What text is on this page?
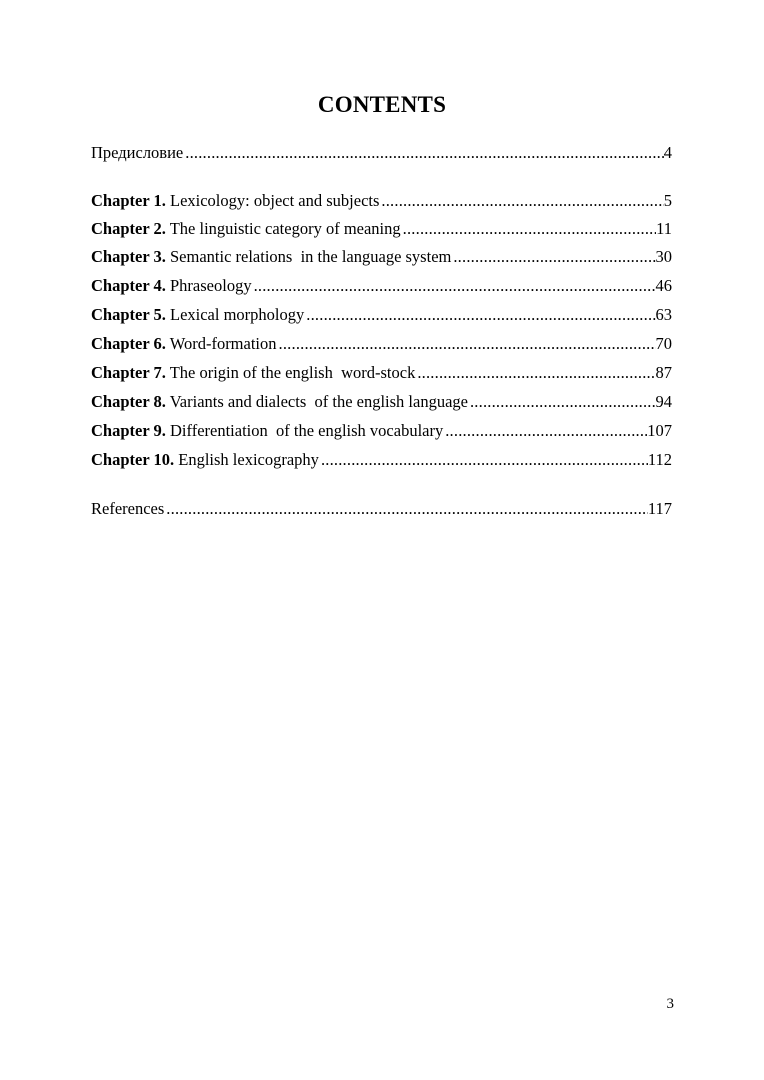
CONTENTS
Предисловие .....	4
Chapter 1. Lexicology: object and subjects .....	5
Chapter 2. The linguistic category of meaning .....	11
Chapter 3. Semantic relations  in the language system .....	30
Chapter 4. Phraseology .....	46
Chapter 5. Lexical morphology .....	63
Chapter 6. Word-formation .....	70
Chapter 7. The origin of the english  word-stock .....	87
Chapter 8. Variants and dialects  of the english language .....	94
Chapter 9. Differentiation  of the english vocabulary .....	107
Chapter 10. English lexicography .....	112
References .....	117
3
